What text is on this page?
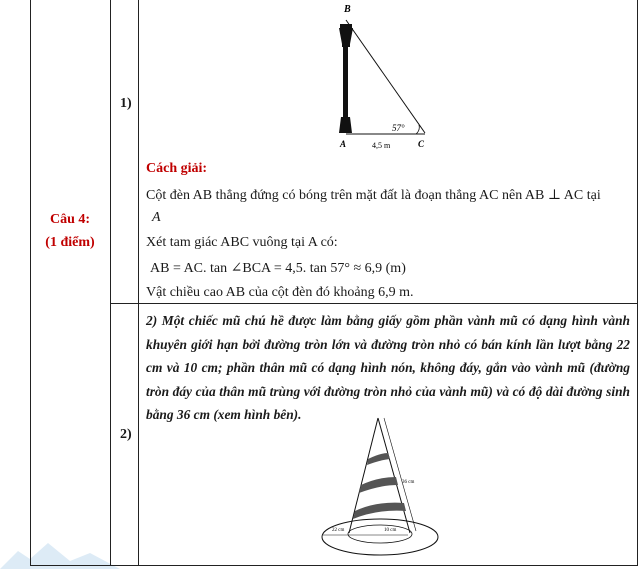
Câu 4:
(1 điểm)
1)
B
57°
A	4,5 m	C
Cách giải:
Cột đèn AB thẳng đứng có bóng trên mặt đất là đoạn thẳng AC nên AB ⊥ AC tại
A
Xét tam giác ABC vuông tại A có:
AB = AC. tan ∠BCA = 4,5. tan 57° ≈ 6,9 (m)
Vật chiều cao AB của cột đèn đó khoảng 6,9 m.
2)
2) Một chiếc mũ chú hề được làm bằng giấy gồm phần vành mũ có dạng hình vành khuyên giới hạn bởi đường tròn lớn và đường tròn nhỏ có bán kính lần lượt bằng 22 cm và 10 cm; phần thân mũ có dạng hình nón, không đáy, gắn vào vành mũ (đường tròn đáy của thân mũ trùng với đường tròn nhỏ của vành mũ) và có độ dài đường sinh bằng 36 cm (xem hình bên).
36 cm
22 cm	10 cm
